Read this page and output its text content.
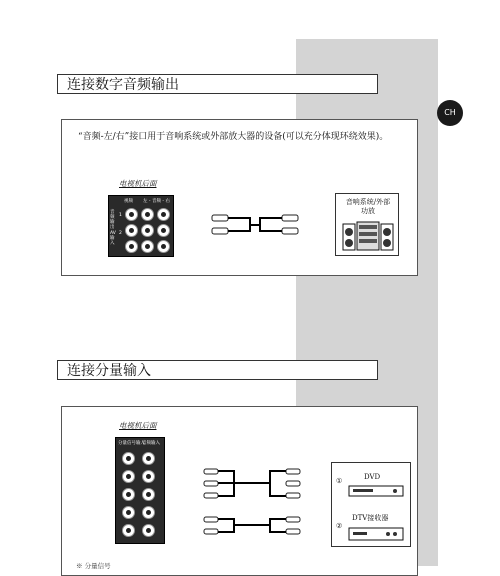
CH
连接数字音频输出
“音频-左/右”接口用于音响系统或外部放大器的设备(可以充分体现环绕效果)。
电视机后面
视频 左 - 音频 - 右
音频输出
AV输入
1
2
音响系统/外部功放
连接分量输入
电视机后面
分量信号输入
音频输入
①	DVD
②
DTV接收器
※ 分量信号
